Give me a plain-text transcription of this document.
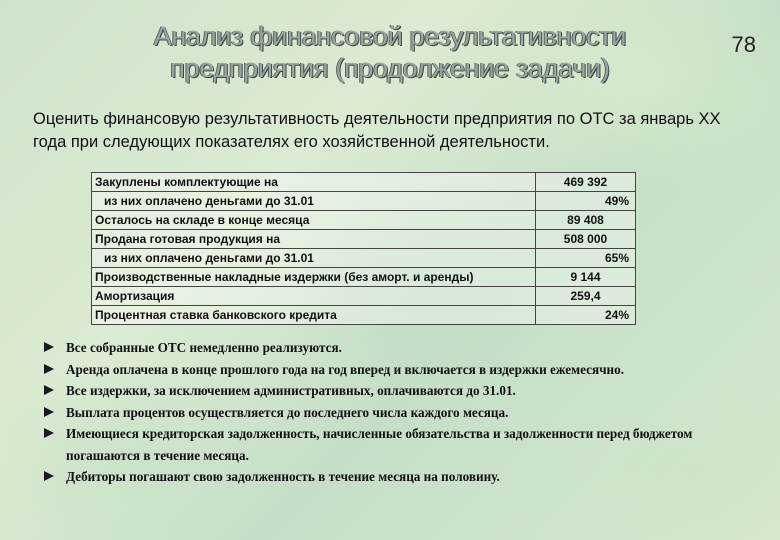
Анализ финансовой результативности
предприятия (продолжение задачи)
78
Оценить финансовую результативность деятельности предприятия по ОТС за январь ХХ года при следующих показателях его хозяйственной деятельности.
Закуплены комплектующие на	469 392
из них оплачено деньгами до 31.01	49%
Осталось на складе в конце месяца	89 408
Продана готовая продукция на	508 000
из них оплачено деньгами до 31.01	65%
Производственные накладные издержки (без аморт. и аренды)	9 144
Амортизация	259,4
Процентная ставка банковского кредита	24%
Все собранные ОТС немедленно реализуются.
Аренда оплачена в конце прошлого года на год вперед и включается в издержки ежемесячно.
Все издержки, за исключением административных, оплачиваются до 31.01.
Выплата процентов осуществляется до последнего числа каждого месяца.
Имеющиеся кредиторская задолженность, начисленные обязательства и задолженности перед бюджетом погашаются в течение месяца.
Дебиторы погашают свою задолженность в течение месяца на половину.
